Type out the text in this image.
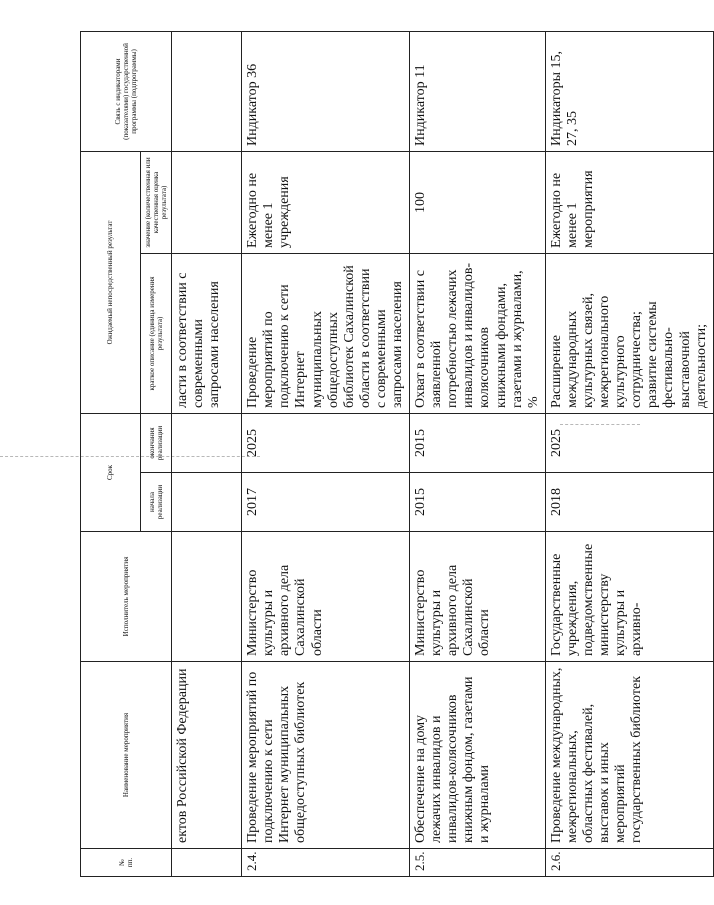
№ пп.	Наименование мероприятия	Исполнитель мероприятия	Срок		Ожидаемый непосредственный результат		Связь с индикаторами (показателями) государственной программы (подпрограммы)
			начала реализации	окончания реализации	краткое описание (единица измерения результата)	значение (количественная или качественная оценка результата)	
	ектов Российской Федерации				ласти в соответствии с современными запросами населения		
2.4.	Проведение мероприятий по подключению к сети Интернет муниципальных общедоступных библиотек	Министерство культуры и архивного дела Сахалинской области	2017	2025	Проведение мероприятий по подключению к сети Интернет муниципальных общедоступных библиотек Сахалинской области в соответствии с современными запросами населения	Ежегодно не менее 1 учреждения	Индикатор 36
2.5.	Обеспечение на дому лежачих инвалидов и инвалидов-колясочников книжным фондом, газетами и журналами	Министерство культуры и архивного дела Сахалинской области	2015	2015	Охват в соответствии с заявленной потребностью лежачих инвалидов и инвалидов-колясочников книжными фондами, газетами и журналами, %	100	Индикатор 11
2.6.	Проведение международных, межрегиональных, областных фестивалей, выставок и иных мероприятий государственных библиотек	Государственные учреждения, подведомственные министерству культуры и архивно-	2018	2025	Расширение международных культурных связей, межрегионального культурного сотрудничества; развитие системы фестивально-выставочной деятельности;	Ежегодно не менее 1 мероприятия	Индикаторы 15, 27, 35
